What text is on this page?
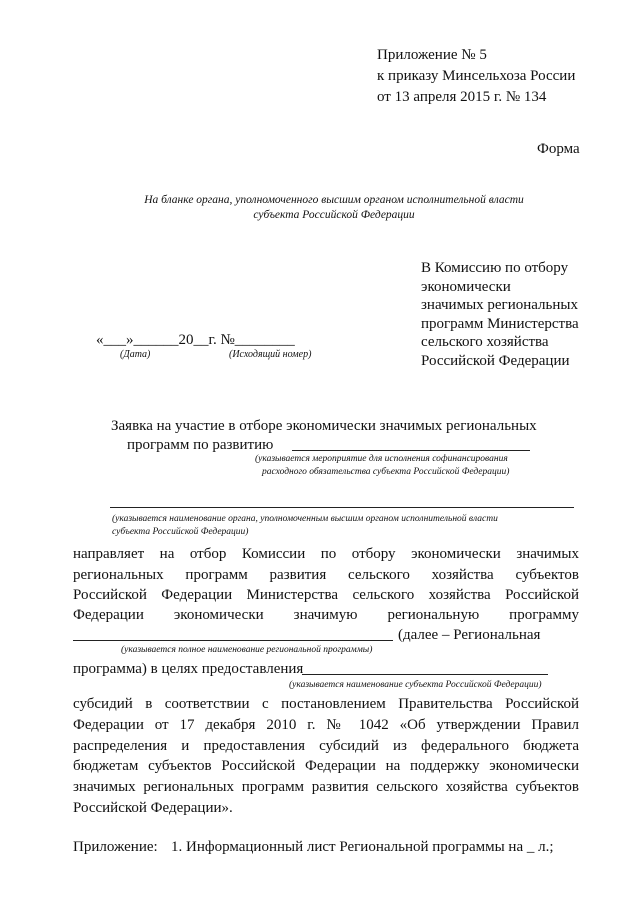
Приложение № 5
к приказу Минсельхоза России
от 13 апреля 2015 г. № 134
Форма
На бланке органа, уполномоченного высшим органом исполнительной власти
субъекта Российской Федерации
В Комиссию по отбору
экономически
значимых региональных
программ Министерства
сельского хозяйства
Российской Федерации
«___»______20__г. №________
(Дата)	(Исходящий номер)
Заявка на участие в отборе экономически значимых региональных
программ по развитию
(указывается мероприятие для исполнения софинансирования
расходного обязательства субъекта Российской Федерации)
(указывается наименование органа, уполномоченным высшим органом исполнительной власти
субъекта Российской Федерации)
направляет на отбор Комиссии по отбору экономически значимых
региональных программ развития сельского хозяйства субъектов
Российской Федерации Министерства сельского хозяйства Российской
Федерации экономически значимую региональную программу
(далее – Региональная
(указывается полное наименование региональной программы)
программа) в целях предоставления
(указывается наименование субъекта Российской Федерации)
субсидий в соответствии с постановлением Правительства Российской
Федерации от 17 декабря 2010 г. № 1042 «Об утверждении Правил
распределения и предоставления субсидий из федерального бюджета
бюджетам субъектов Российской Федерации на поддержку экономически
значимых региональных программ развития сельского хозяйства субъектов
Российской Федерации».
Приложение: 1. Информационный лист Региональной программы на _ л.;
